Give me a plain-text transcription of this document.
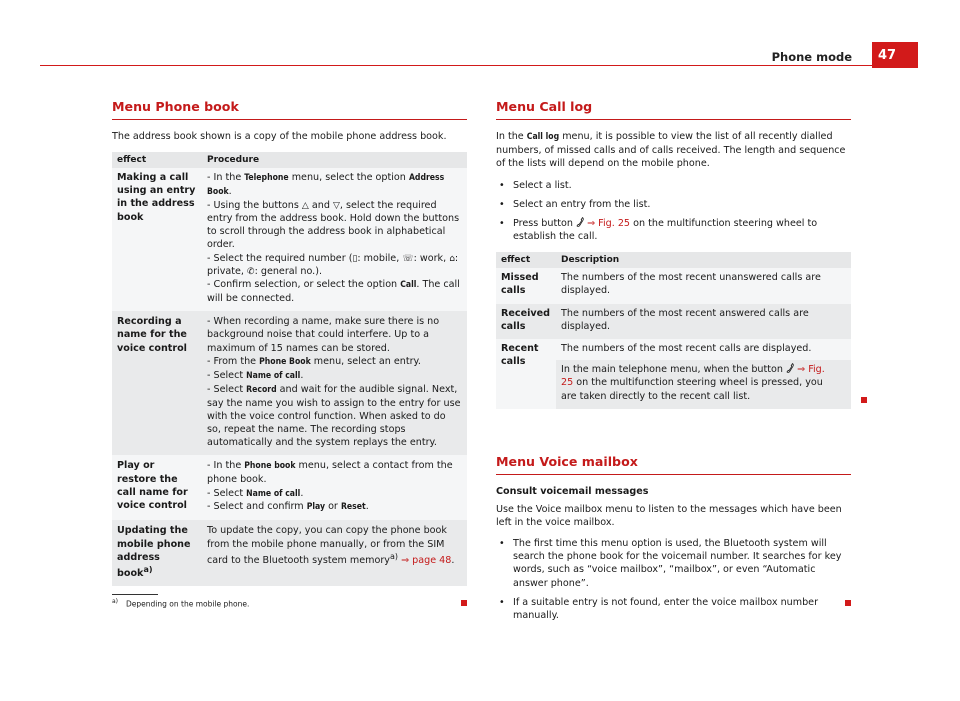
Phone mode	47
Menu Phone book

The address book shown is a copy of the mobile phone address book.

effect	Procedure
Making a call using an entry in the address book	- In the Telephone menu, select the option Address Book.
- Using the buttons △ and ▽, select the required entry from the address book. Hold down the buttons to scroll through the address book in alphabetical order.
- Select the required number (▯: mobile, ☏: work, ⌂: private, ✆: general no.).
- Confirm selection, or select the option Call. The call will be connected.

Recording a name for the voice control	- When recording a name, make sure there is no background noise that could interfere. Up to a maximum of 15 names can be stored.
- From the Phone Book menu, select an entry.
- Select Name of call.
- Select Record and wait for the audible signal. Next, say the name you wish to assign to the entry for use with the voice control function. When asked to do so, repeat the name. The recording stops automatically and the system replays the entry.

Play or restore the call name for voice control	- In the Phone book menu, select a contact from the phone book.
- Select Name of call.
- Select and confirm Play or Reset.

Updating the mobile phone address book$^{a)}$	To update the copy, you can copy the phone book from the mobile phone manually, or from the SIM card to the Bluetooth system memory$^{a)}$ ⇒ page 48.
$^{a)}$ Depending on the mobile phone.
Menu Call log

In the Call log menu, it is possible to view the list of all recently dialled numbers, of missed calls and of calls received. The length and sequence of the lists will depend on the mobile phone.

• Select a list.
• Select an entry from the list.
• Press button  ⇒ Fig. 25 on the multifunction steering wheel to establish the call.
effect	Description
Missed calls	The numbers of the most recent unanswered calls are displayed.

Received calls	The numbers of the most recent answered calls are displayed.

Recent calls	The numbers of the most recent calls are displayed.
In the main telephone menu, when the button  ⇒ Fig. 25 on the multifunction steering wheel is pressed, you are taken directly to the recent call list.
Menu Voice mailbox

Consult voicemail messages

Use the Voice mailbox menu to listen to the messages which have been left in the voice mailbox.

• The first time this menu option is used, the Bluetooth system will search the phone book for the voicemail number. It searches for key words, such as “voice mailbox”, “mailbox”, or even “Automatic answer phone”.
• If a suitable entry is not found, enter the voice mailbox number manually.
